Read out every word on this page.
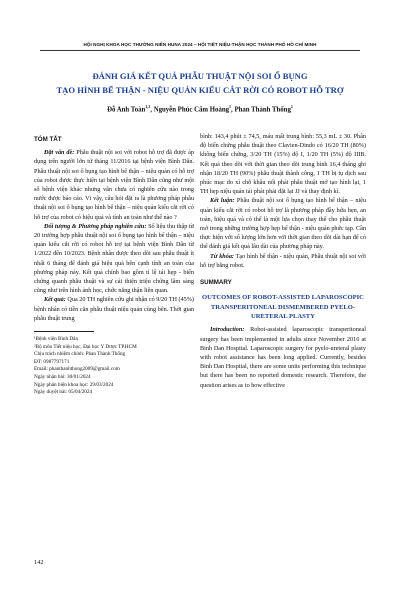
HỘI NGHỊ KHOA HỌC THƯỜNG NIÊN HUNA 2024 – HỘI TIẾT NIỆU-THẬN HỌC THÀNH PHỐ HỒ CHÍ MINH
ĐÁNH GIÁ KẾT QUẢ PHẪU THUẬT NỘI SOI Ổ BỤNG
TẠO HÌNH BỂ THẬN - NIỆU QUẢN KIỂU CẮT RỜI CÓ ROBOT HỖ TRỢ
Đỗ Anh Toàn$^{1,2}$, Nguyễn Phúc Cẩm Hoàng$^1$, Phan Thành Thống$^1$
TÓM TẮT

Đặt vấn đề: Phẫu thuật nội soi với robot hỗ trợ đã được áp dụng trên người lớn từ tháng 11/2016 tại bệnh viện Bình Dân. Phẫu thuật nội soi ổ bụng tạo hình bể thận – niệu quản có hỗ trợ của robot được thực hiện tại bệnh viện Bình Dân cũng như một số bệnh viện khác nhưng vẫn chưa có nghiên cứu nào trong nước được báo cáo. Vì vậy, câu hỏi đặt ra là phương pháp phẫu thuật nội soi ổ bụng tạo hình bể thận – niệu quản kiểu cắt rời có hỗ trợ của robot có hiệu quả và tính an toàn như thế nào ?

Đối tượng & Phương pháp nghiên cứu: Số liệu thu thập từ 20 trường hợp phẫu thuật nội soi ổ bụng tạo hình bể thận – niệu quản kiểu cắt rời có robot hỗ trợ tại bệnh viện Bình Dân từ 1/2022 đến 10/2023. Bệnh nhân được theo dõi sau phẫu thuật ít nhất 6 tháng để đánh giá hiệu quả bên cạnh tính an toàn của phương pháp này. Kết quả chính bao gồm tỉ lệ tái hẹp - biến chứng quanh phẫu thuật và sự cải thiện triệu chứng lâm sàng cũng như trên hình ảnh học, chức năng thận liên quan.

Kết quả: Qua 20 TH nghiên cứu ghi nhận có 9/20 TH (45%) bệnh nhân có tiền căn phẫu thuật niệu quản cùng bên. Thời gian phẫu thuật trung

¹Bệnh viện Bình Dân

²Bộ môn Tiết niệu học, Đại học Y Dược TP.HCM

Chịu trách nhiệm chính: Phan Thành Thống

ĐT: 0987797171

Email: phanthanhthong2009@gmail.com

Ngày nhận bài: 30/01/2024

Ngày phản biện khoa học: 29/03/2024

Ngày duyệt bài: 05/04/2024

bình: 143,4 phút ± 74,5, máu mất trung bình: 55,3 mL ± 30. Phân độ biến chứng phẫu thuật theo Clavien-Dindo có 16/20 TH (80%) không biến chứng, 3/20 TH (15%) độ I, 1/20 TH (5%) độ IIIB. Kết quả theo dõi với thời gian theo dõi trung bình 16,4 tháng ghi nhận 18/20 TH (90%) phẫu thuật thành công, 1 TH bị tụ dịch sau phúc mạc do xì chỗ khâu nối phải phẫu thuật mở tạo hình lại, 1 TH hẹp niệu quản tái phát phải đặt lại JJ và thay định kì.

Kết luận: Phẫu thuật nội soi ổ bụng tạo hình bể thận – niệu quản kiểu cắt rời có robot hỗ trợ là phương pháp đầy hứa hẹn, an toàn, hiệu quả và có thể là một lựa chọn thay thế cho phẫu thuật mở trong những trường hợp hẹp bể thận - niệu quản phức tạp. Cần thực hiện với số lượng lớn hơn với thời gian theo dõi dài hạn để có thể đánh giá kết quả lâu dài của phương pháp này.

Từ khóa: Tạo hình bể thận - niệu quản, Phẫu thuật nội soi với hỗ trợ bằng robot.

SUMMARY
OUTCOMES OF ROBOT-ASSISTED LAPAROSCOPIC TRANSPERITONEAL DISMEMBERED PYELO-URETERAL PLASTY

Introduction: Robot-assisted laparoscopic transperitoneal surgery has been implemented in adults since November 2016 at Binh Dan Hospital. Laparoscopic surgery for pyelo-ureteral plasty with robot assistance has been long applied. Currently, besides Binh Dan Hospital, there are some units performing this technique but there has been no reported domestic research. Therefore, the question arises as to how effective

142
